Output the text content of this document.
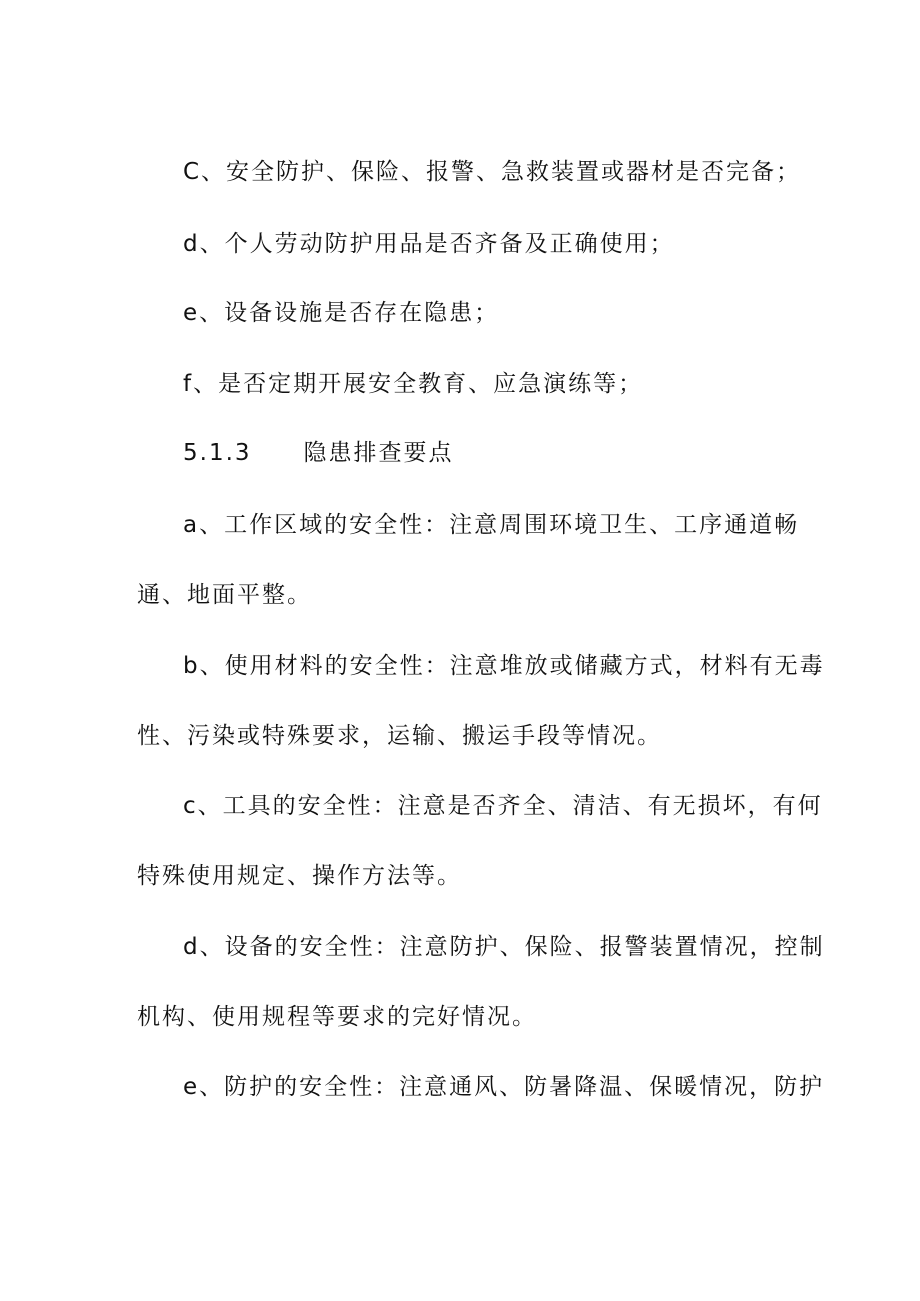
C、安全防护、保险、报警、急救装置或器材是否完备；
d、个人劳动防护用品是否齐备及正确使用；
e、设备设施是否存在隐患；
f、是否定期开展安全教育、应急演练等；
5.1.3 隐患排查要点
a、工作区域的安全性：注意周围环境卫生、工序通道畅
通、地面平整。
b、使用材料的安全性：注意堆放或储藏方式，材料有无毒
性、污染或特殊要求，运输、搬运手段等情况。
c、工具的安全性：注意是否齐全、清洁、有无损坏，有何
特殊使用规定、操作方法等。
d、设备的安全性：注意防护、保险、报警装置情况，控制
机构、使用规程等要求的完好情况。
e、防护的安全性：注意通风、防暑降温、保暖情况，防护
